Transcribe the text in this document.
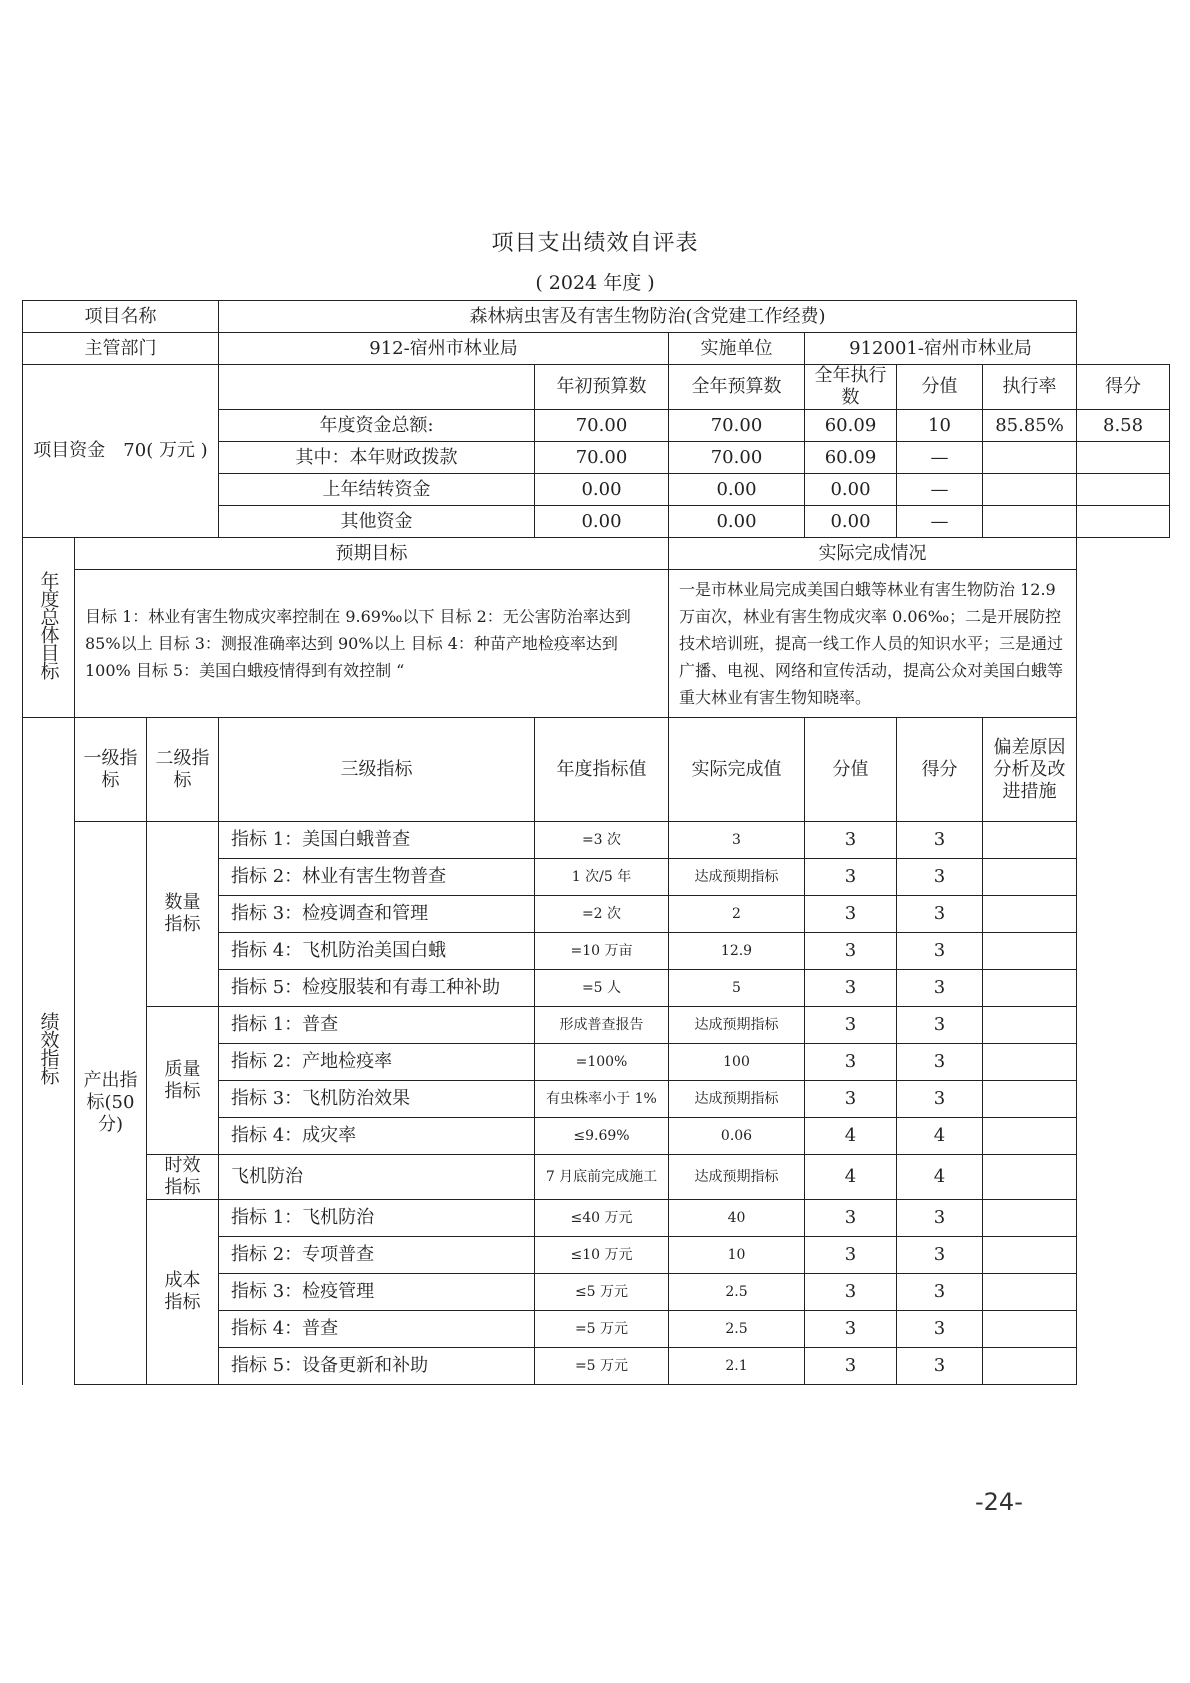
项目支出绩效自评表
( 2024 年度 )
项目名称			森林病虫害及有害生物防治(含党建工作经费)						
主管部门			912-宿州市林业局		实施单位	912001-宿州市林业局			
项目资金　70( 万元 )				年初预算数	全年预算数	全年执行数	分值	执行率	得分
			年度资金总额:	70.00	70.00	60.09	10	85.85%	8.58
			其中：本年财政拨款	70.00	70.00	60.09	—		
			上年结转资金	0.00	0.00	0.00	—		
			其他资金	0.00	0.00	0.00	—		
年度总体目标	预期目标				实际完成情况				
	目标 1：林业有害生物成灾率控制在 9.69‰以下 目标 2：无公害防治率达到 85%以上 目标 3：测报准确率达到 90%以上 目标 4：种苗产地检疫率达到 100% 目标 5：美国白蛾疫情得到有效控制 “				一是市林业局完成美国白蛾等林业有害生物防治 12.9 万亩次，林业有害生物成灾率 0.06‰；二是开展防控技术培训班，提高一线工作人员的知识水平；三是通过广播、电视、网络和宣传活动，提高公众对美国白蛾等重大林业有害生物知晓率。				
绩效指标	一级指标	二级指标	三级指标	年度指标值	实际完成值	分值	得分	偏差原因分析及改进措施	
	产出指标(50分)	数量指标	指标 1：美国白蛾普查	=3 次	3	3	3		
			指标 2：林业有害生物普查	1 次/5 年	达成预期指标	3	3		
			指标 3：检疫调查和管理	=2 次	2	3	3		
			指标 4：飞机防治美国白蛾	=10 万亩	12.9	3	3		
			指标 5：检疫服装和有毒工种补助	=5 人	5	3	3		
		质量指标	指标 1：普查	形成普查报告	达成预期指标	3	3		
			指标 2：产地检疫率	=100%	100	3	3		
			指标 3：飞机防治效果	有虫株率小于 1%	达成预期指标	3	3		
			指标 4：成灾率	≤9.69%	0.06	4	4		
		时效指标	飞机防治	7 月底前完成施工	达成预期指标	4	4		
		成本指标	指标 1：飞机防治	≤40 万元	40	3	3		
			指标 2：专项普查	≤10 万元	10	3	3		
			指标 3：检疫管理	≤5 万元	2.5	3	3		
			指标 4：普查	=5 万元	2.5	3	3		
			指标 5：设备更新和补助	=5 万元	2.1	3	3		
-24-
